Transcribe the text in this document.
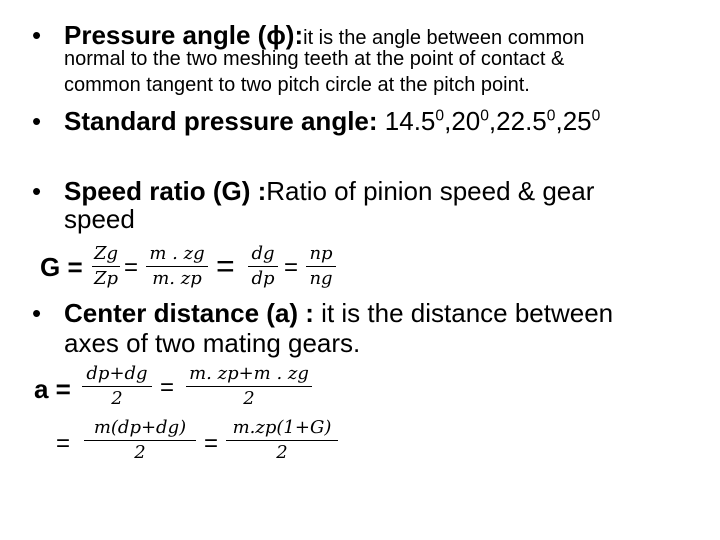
• Pressure angle (ϕ):it is the angle between common
normal to the two meshing teeth at the point of contact &
common tangent to two pitch circle at the pitch point.
• Standard pressure angle: $14.5^0,20^0,22.5^0,25^0$
• Speed ratio (G) :Ratio of pinion speed & gear
speed
G = Zg
Zp =
m . zg
m. zp = dg
dp =
np
ng
• Center distance (a) : it is the distance between
axes of two mating gears.
a =
dp+dg
2 =
m. zp+m . zg
2
=
m(dp+dg)
2 =
m.zp(1+G)
2
